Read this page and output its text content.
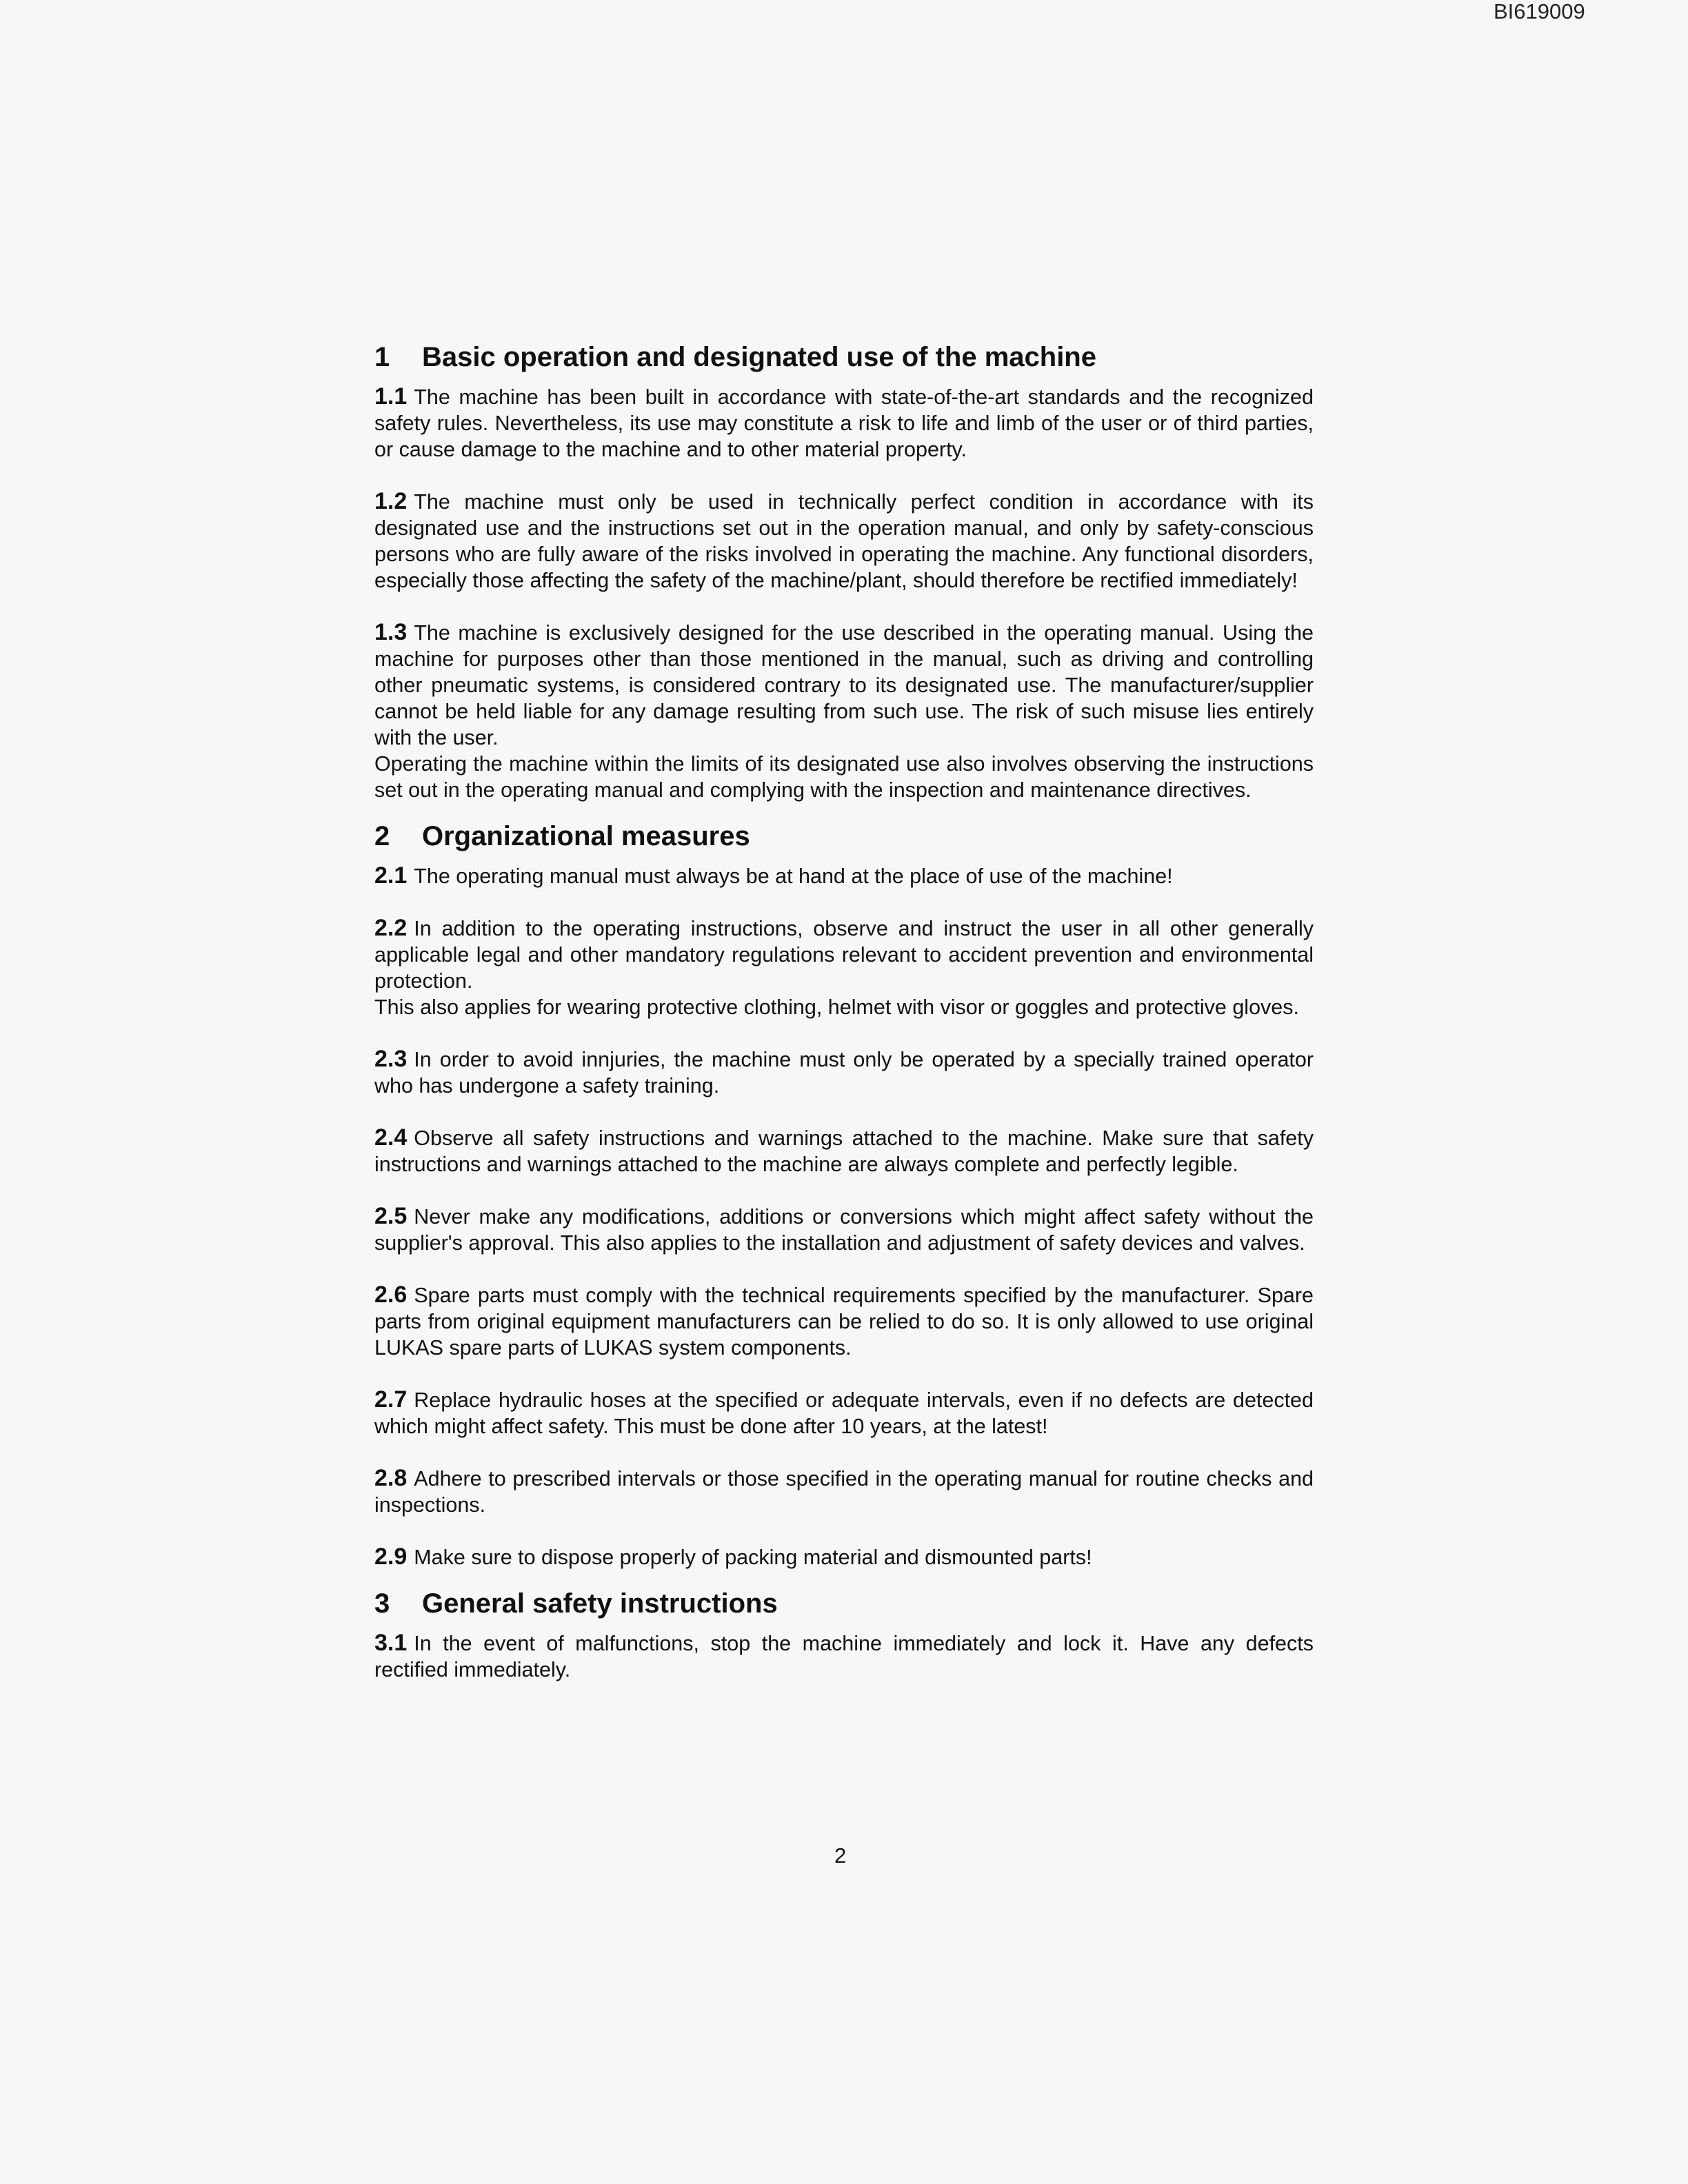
BI619009
1	Basic operation and designated use of the machine

1.1 The machine has been built in accordance with state-of-the-art standards and the recognized safety rules. Nevertheless, its use may constitute a risk to life and limb of the user or of third parties, or cause damage to the machine and to other material property.

1.2 The machine must only be used in technically perfect condition in accordance with its designated use and the instructions set out in the operation manual, and only by safety-conscious persons who are fully aware of the risks involved in operating the machine. Any functional disorders, especially those affecting the safety of the machine/plant, should therefore be rectified immediately!

1.3 The machine is exclusively designed for the use described in the operating manual. Using the machine for purposes other than those mentioned in the manual, such as driving and controlling other pneumatic systems, is considered contrary to its designated use. The manufacturer/supplier cannot be held liable for any damage resulting from such use. The risk of such misuse lies entirely with the user.
Operating the machine within the limits of its designated use also involves observing the instructions set out in the operating manual and complying with the inspection and maintenance directives.

2	Organizational measures

2.1 The operating manual must always be at hand at the place of use of the machine!

2.2 In addition to the operating instructions, observe and instruct the user in all other generally applicable legal and other mandatory regulations relevant to accident prevention and environmental protection.
This also applies for wearing protective clothing, helmet with visor or goggles and protective gloves.

2.3 In order to avoid innjuries, the machine must only be operated by a specially trained operator who has undergone a safety training.

2.4 Observe all safety instructions and warnings attached to the machine. Make sure that safety instructions and warnings attached to the machine are always complete and perfectly legible.

2.5 Never make any modifications, additions or conversions which might affect safety without the supplier's approval. This also applies to the installation and adjustment of safety devices and valves.

2.6 Spare parts must comply with the technical requirements specified by the manufacturer. Spare parts from original equipment manufacturers can be relied to do so. It is only allowed to use original LUKAS spare parts of LUKAS system components.

2.7 Replace hydraulic hoses at the specified or adequate intervals, even if no defects are detected which might affect safety. This must be done after 10 years, at the latest!

2.8 Adhere to prescribed intervals or those specified in the operating manual for routine checks and inspections.

2.9 Make sure to dispose properly of packing material and dismounted parts!

3	General safety instructions

3.1 In the event of malfunctions, stop the machine immediately and lock it. Have any defects rectified immediately.

2
